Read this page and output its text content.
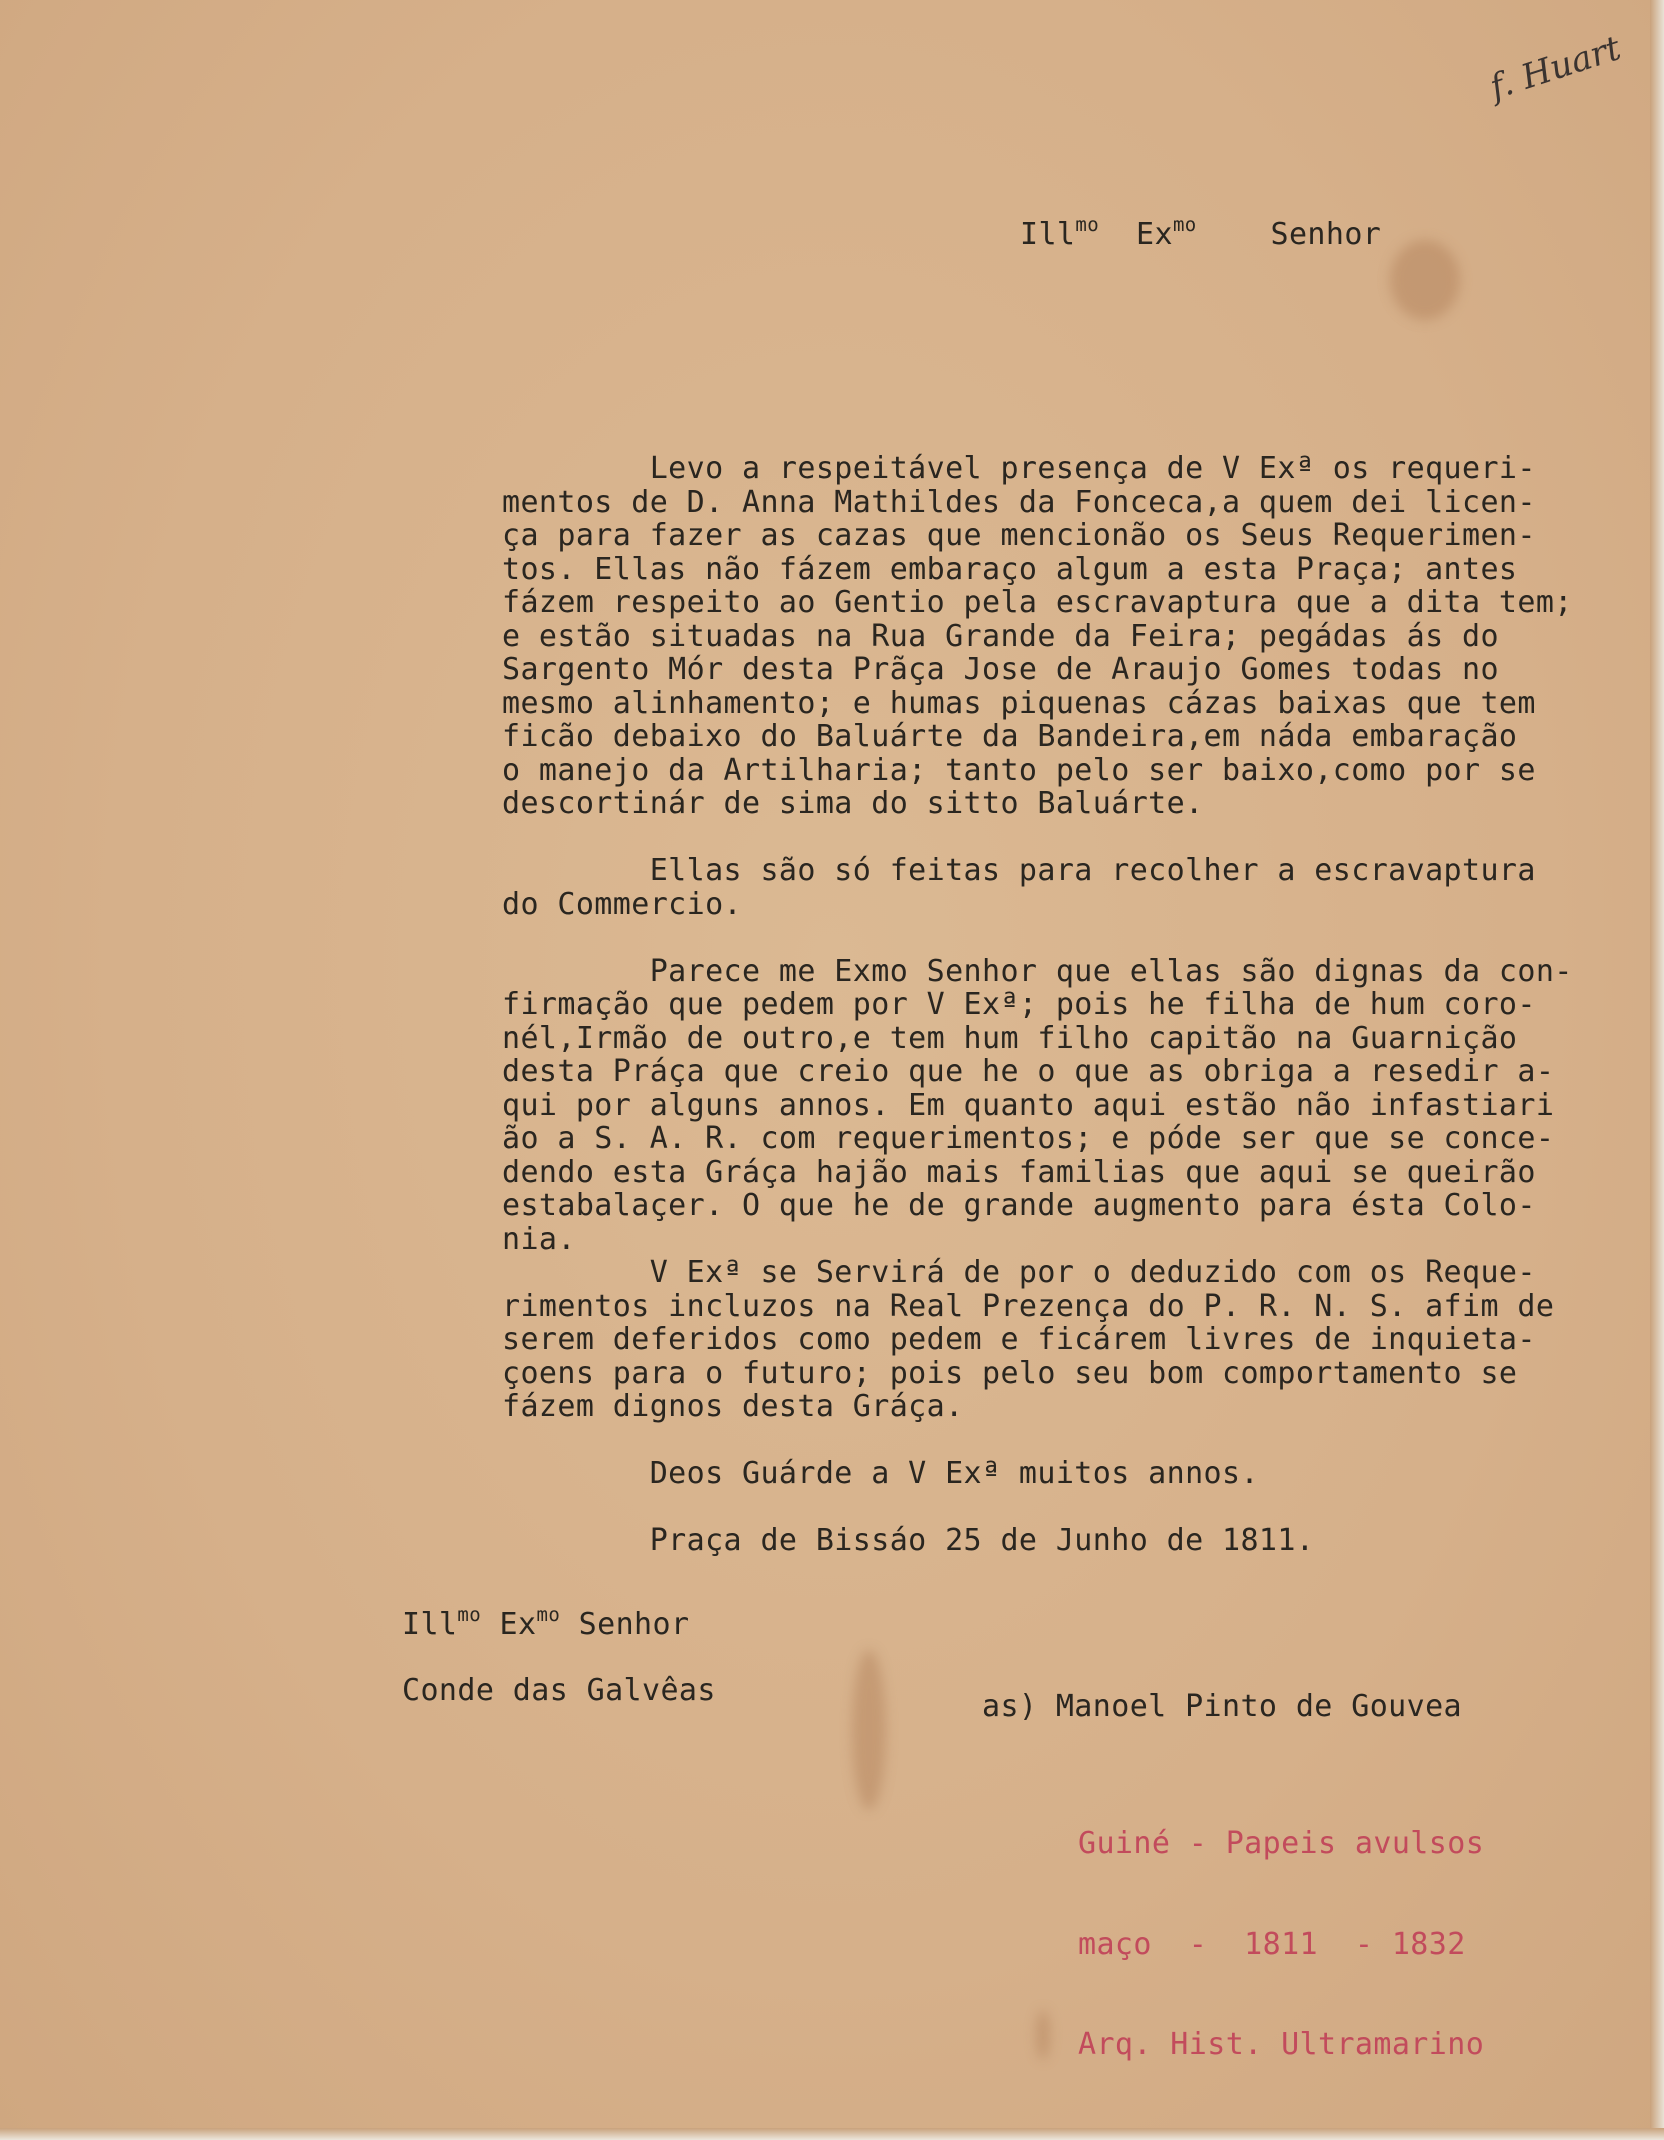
f. Huart
Ill$^{mo}$ $Ex^{mo}$ Senhor
Levo a respeitável presença de V Exª os requeri-
mentos de D. Anna Mathildes da Fonceca,a quem dei licen-
ça para fazer as cazas que mencionão os Seus Requerimen-
tos. Ellas não fázem embaraço algum a esta Praça; antes
fázem respeito ao Gentio pela escravaptura que a dita tem;
e estão situadas na Rua Grande da Feira; pegádas ás do
Sargento Mór desta Prãça Jose de Araujo Gomes todas no
mesmo alinhamento; e humas piquenas cázas baixas que tem
ficão debaixo do Baluárte da Bandeira,em náda embaração
o manejo da Artilharia; tanto pelo ser baixo,como por se
descortinár de sima do sitto Baluárte.
Ellas são só feitas para recolher a escravaptura
do Commercio.
Parece me Exmo Senhor que ellas são dignas da con-
firmação que pedem por V Exª; pois he filha de hum coro-
nél,Irmão de outro,e tem hum filho capitão na Guarnição
desta Práça que creio que he o que as obriga a resedir a-
qui por alguns annos. Em quanto aqui estão não infastiari
ão a S. A. R. com requerimentos; e póde ser que se conce-
dendo esta Gráça hajão mais familias que aqui se queirão
estabalaçer. O que he de grande augmento para ésta Colo-
nia.
V Exª se Servirá de por o deduzido com os Reque-
rimentos incluzos na Real Prezença do P. R. N. S. afim de
serem deferidos como pedem e ficárem livres de inquieta-
çoens para o futuro; pois pelo seu bom comportamento se
fázem dignos desta Gráça.
Deos Guárde a V Exª muitos annos.
Praça de Bissáo 25 de Junho de 1811.
Ill$^{mo}$ $Ex^{mo}$ Senhor
Conde das Galvêas	as) Manoel Pinto de Gouvea

Guiné - Papeis avulsos

maço  -  1811  - 1832

Arq. Hist. Ultramarino
